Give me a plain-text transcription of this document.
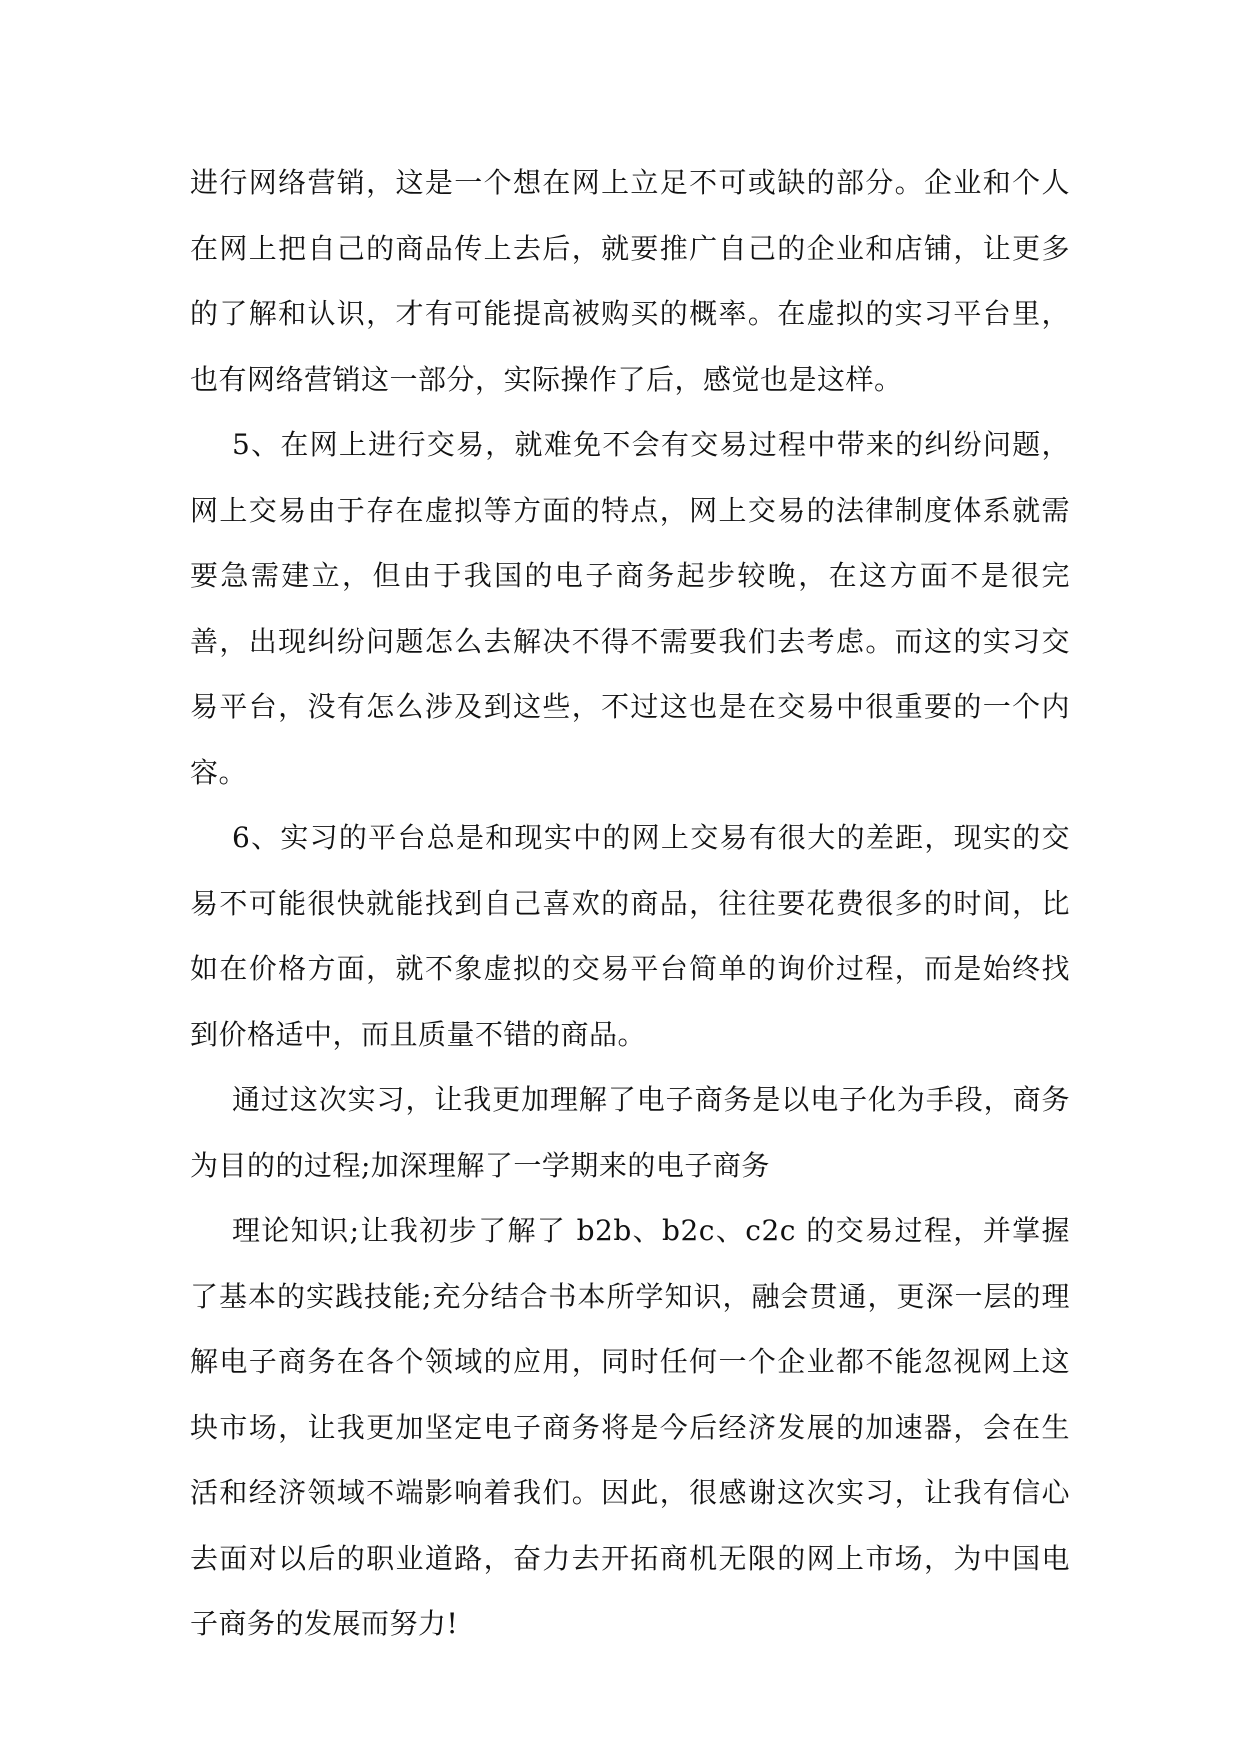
进行网络营销，这是一个想在网上立足不可或缺的部分。企业和个人在网上把自己的商品传上去后，就要推广自己的企业和店铺，让更多的了解和认识，才有可能提高被购买的概率。在虚拟的实习平台里，也有网络营销这一部分，实际操作了后，感觉也是这样。

5、在网上进行交易，就难免不会有交易过程中带来的纠纷问题，网上交易由于存在虚拟等方面的特点，网上交易的法律制度体系就需要急需建立，但由于我国的电子商务起步较晚，在这方面不是很完善，出现纠纷问题怎么去解决不得不需要我们去考虑。而这的实习交易平台，没有怎么涉及到这些，不过这也是在交易中很重要的一个内容。

6、实习的平台总是和现实中的网上交易有很大的差距，现实的交易不可能很快就能找到自己喜欢的商品，往往要花费很多的时间，比如在价格方面，就不象虚拟的交易平台简单的询价过程，而是始终找到价格适中，而且质量不错的商品。

通过这次实习，让我更加理解了电子商务是以电子化为手段，商务为目的的过程;加深理解了一学期来的电子商务

理论知识;让我初步了解了 b2b、b2c、c2c 的交易过程，并掌握了基本的实践技能;充分结合书本所学知识，融会贯通，更深一层的理解电子商务在各个领域的应用，同时任何一个企业都不能忽视网上这块市场，让我更加坚定电子商务将是今后经济发展的加速器，会在生活和经济领域不端影响着我们。因此，很感谢这次实习，让我有信心去面对以后的职业道路，奋力去开拓商机无限的网上市场，为中国电子商务的发展而努力!
